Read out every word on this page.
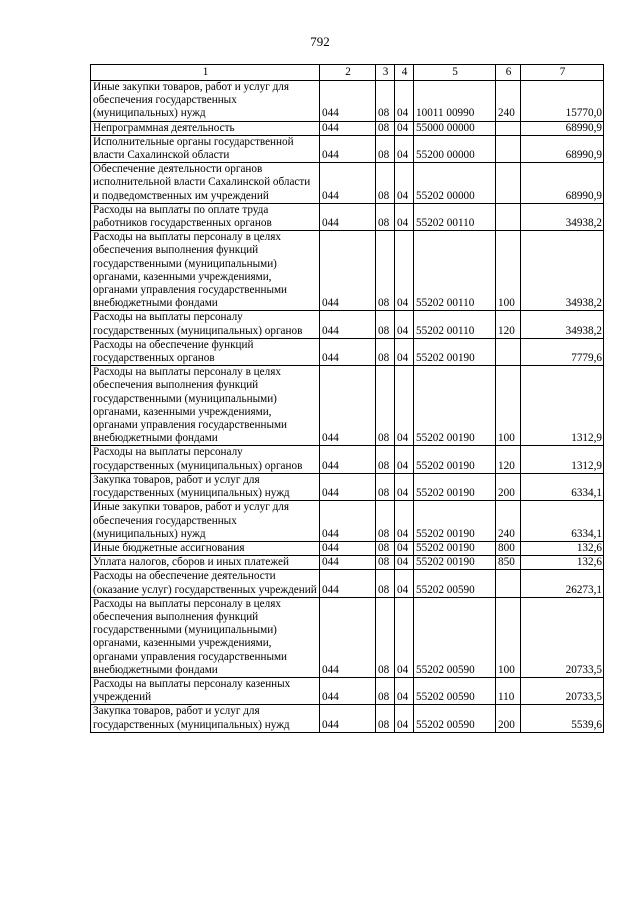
792
1	2	3	4	5	6	7
Иные закупки товаров, работ и услуг для обеспечения государственных (муниципальных) нужд	044	08	04	10011 00990	240	15770,0
Непрограммная деятельность	044	08	04	55000 00000		68990,9
Исполнительные органы государственной власти Сахалинской области	044	08	04	55200 00000		68990,9
Обеспечение деятельности органов исполнительной власти Сахалинской области и подведомственных им учреждений	044	08	04	55202 00000		68990,9
Расходы на выплаты по оплате труда работников государственных органов	044	08	04	55202 00110		34938,2
Расходы на выплаты персоналу в целях обеспечения выполнения функций государственными (муниципальными) органами, казенными учреждениями, органами управления государственными внебюджетными фондами	044	08	04	55202 00110	100	34938,2
Расходы на выплаты персоналу государственных (муниципальных) органов	044	08	04	55202 00110	120	34938,2
Расходы на обеспечение функций государственных органов	044	08	04	55202 00190		7779,6
Расходы на выплаты персоналу в целях обеспечения выполнения функций государственными (муниципальными) органами, казенными учреждениями, органами управления государственными внебюджетными фондами	044	08	04	55202 00190	100	1312,9
Расходы на выплаты персоналу государственных (муниципальных) органов	044	08	04	55202 00190	120	1312,9
Закупка товаров, работ и услуг для государственных (муниципальных) нужд	044	08	04	55202 00190	200	6334,1
Иные закупки товаров, работ и услуг для обеспечения государственных (муниципальных) нужд	044	08	04	55202 00190	240	6334,1
Иные бюджетные ассигнования	044	08	04	55202 00190	800	132,6
Уплата налогов, сборов и иных платежей	044	08	04	55202 00190	850	132,6
Расходы на обеспечение деятельности (оказание услуг) государственных учреждений	044	08	04	55202 00590		26273,1
Расходы на выплаты персоналу в целях обеспечения выполнения функций государственными (муниципальными) органами, казенными учреждениями, органами управления государственными внебюджетными фондами	044	08	04	55202 00590	100	20733,5
Расходы на выплаты персоналу казенных учреждений	044	08	04	55202 00590	110	20733,5
Закупка товаров, работ и услуг для государственных (муниципальных) нужд	044	08	04	55202 00590	200	5539,6
